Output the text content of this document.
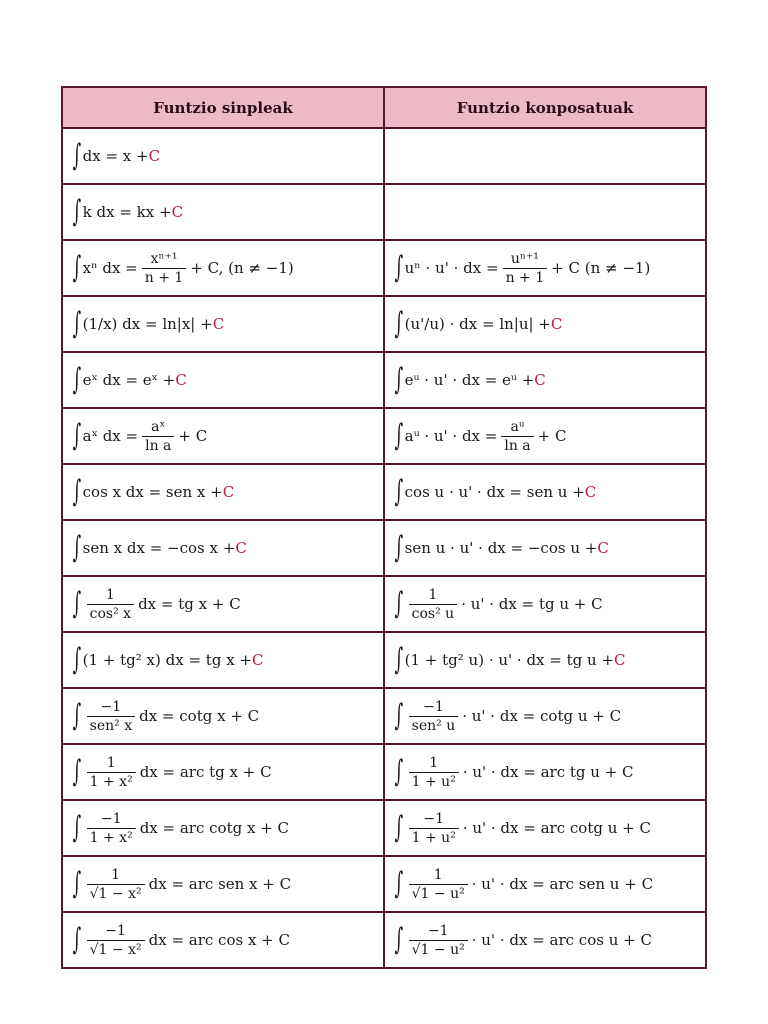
Funtzio sinpleak	Funtzio konposatuak

∫ dx = x + C	

∫ k dx = kx + C	

∫ xⁿ dx = $\frac{\text{xⁿ⁺¹}}{n + 1} + C$, (n ≠ −1)	∫ uⁿ · u' · dx = $\frac{\text{uⁿ⁺¹}}{n + 1} + C$ (n ≠ −1)

∫ (1/x) dx = ln|x| + C	∫ (u'/u) · dx = ln|u| + C

∫ eˣ dx = eˣ + C	∫ eᵘ · u' · dx = eᵘ + C

∫ aˣ dx = $\frac{\text{aˣ}}{\text{ln a}} + C$	∫ aᵘ · u' · dx = $\frac{\text{aᵘ}}{\text{ln a}} + C$

∫ cos x dx = sen x + C	∫ cos u · u' · dx = sen u + C

∫ sen x dx = −cos x + C	∫ sen u · u' · dx = −cos u + C

∫ $\frac{1}{\text{cos² x}}$ dx = tg x + C	∫ $\frac{1}{\text{cos² u}} \cdot u'$ · dx = tg u + C

∫ (1 + tg² x) dx = tg x + C	∫ (1 + tg² u) · u' · dx = tg u + C

∫ $\frac{-1}{\text{sen² x}}$ dx = cotg x + C	∫ $\frac{-1}{\text{sen² u}} \cdot u'$ · dx = cotg u + C

∫ $\frac{1}{\text{1 + x²}}$ dx = arc tg x + C	∫ $\frac{1}{\text{1 + u²}} \cdot u'$ · dx = arc tg u + C

∫ $\frac{-1}{\text{1 + x²}}$ dx = arc cotg x + C	∫ $\frac{-1}{\text{1 + u²}} \cdot u'$ · dx = arc cotg u + C

∫ $\frac{1}{\text{√1 − x²}}$ dx = arc sen x + C	∫ $\frac{1}{\text{√1 − u²}} \cdot u'$ · dx = arc sen u + C

∫ $\frac{-1}{\text{√1 − x²}}$ dx = arc cos x + C	∫ $\frac{-1}{\text{√1 − u²}} \cdot u'$ · dx = arc cos u + C
